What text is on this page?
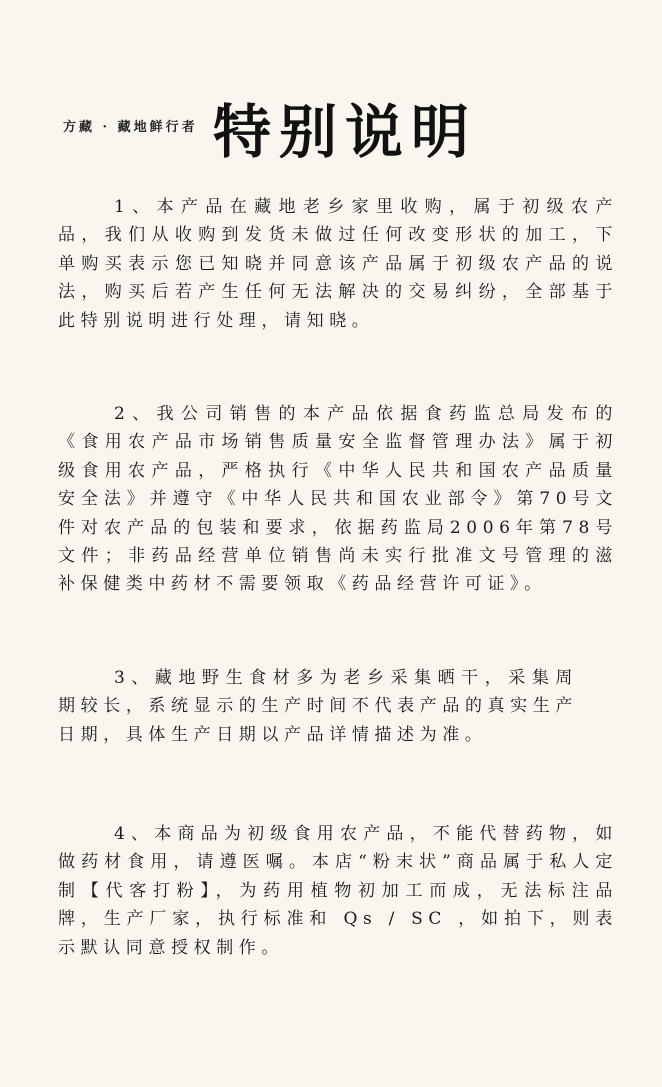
方藏 · 藏地鲜行者 特别说明

1、本产品在藏地老乡家里收购，属于初级农产品，我们从收购到发货未做过任何改变形状的加工，下单购买表示您已知晓并同意该产品属于初级农产品的说法，购买后若产生任何无法解决的交易纠纷，全部基于此特别说明进行处理，请知晓。

2、我公司销售的本产品依据食药监总局发布的《食用农产品市场销售质量安全监督管理办法》属于初级食用农产品，严格执行《中华人民共和国农产品质量安全法》并遵守《中华人民共和国农业部令》第70号文件对农产品的包装和要求，依据药监局2006年第78号文件；非药品经营单位销售尚未实行批准文号管理的滋补保健类中药材不需要领取《药品经营许可证》。

3、藏地野生食材多为老乡采集晒干，采集周期较长，系统显示的生产时间不代表产品的真实生产日期，具体生产日期以产品详情描述为准。

4、本商品为初级食用农产品，不能代替药物，如做药材食用，请遵医嘱。本店“粉末状”商品属于私人定制【代客打粉】，为药用植物初加工而成，无法标注品牌，生产厂家，执行标准和 Qs / SC ，如拍下，则表示默认同意授权制作。
